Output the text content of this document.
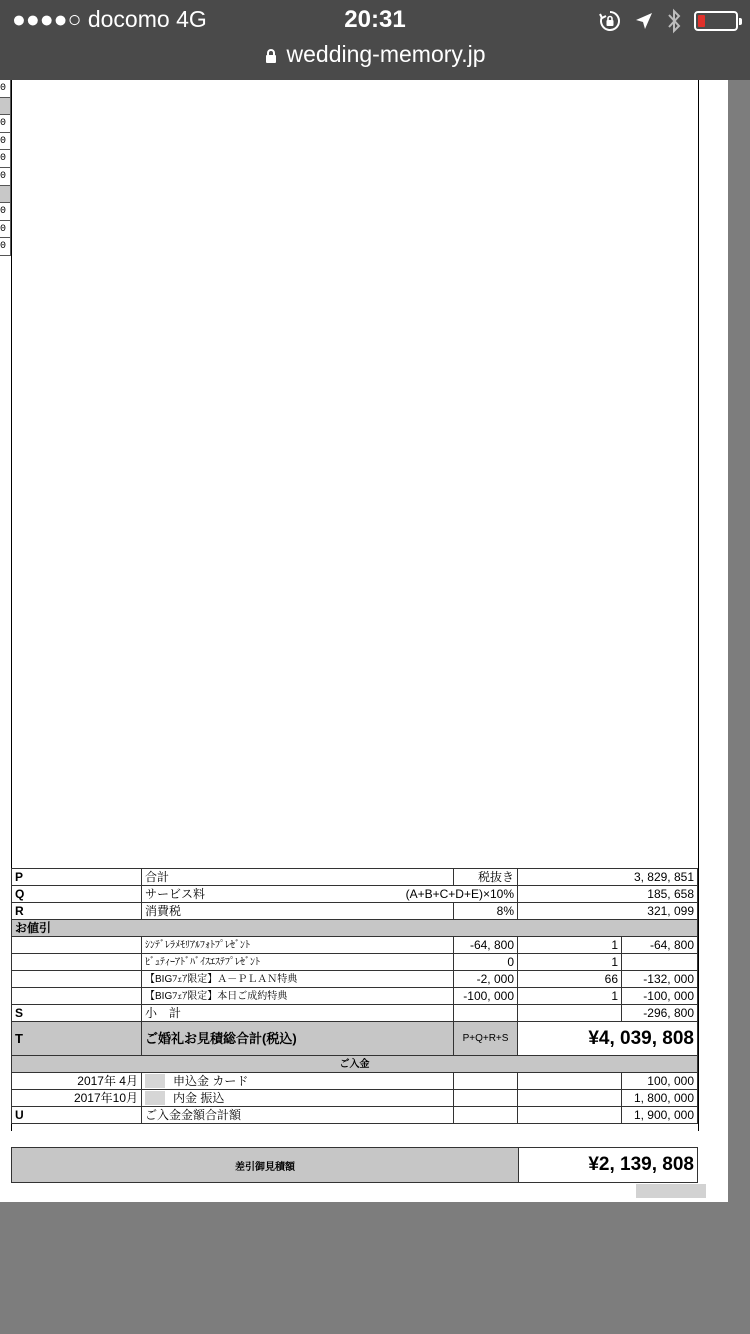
●●●●○ docomo 4G	20:31
wedding-memory.jp
0
0
0
0
0
0
0
0
P	合計	税抜き	3, 829, 851	
Q	サービス料 (A+B+C+D+E)×10%		185, 658	
R	消費税	8%	321, 099	
お値引				
	ｼﾝﾃﾞﾚﾗﾒﾓﾘｱﾙﾌｫﾄﾌﾟﾚｾﾞﾝﾄ	-64, 800	1	-64, 800
	ﾋﾞｭﾃｨｰｱﾄﾞﾊﾞｲｽｴｽﾃﾌﾟﾚｾﾞﾝﾄ	0	1	
	【BIGﾌｪｱ限定】Ａ－ＰＬＡＮ特典	-2, 000	66	-132, 000
	【BIGﾌｪｱ限定】本日ご成約特典	-100, 000	1	-100, 000
S	小　計			-296, 800
T	ご婚礼お見積総合計(税込)	P+Q+R+S	¥4, 039, 808	
ご入金				
2017年 4月	申込金 カード			100, 000
2017年10月	内金 振込			1, 800, 000
U	ご入金金額合計額			1, 900, 000
差引御見積額	¥2, 139, 808
